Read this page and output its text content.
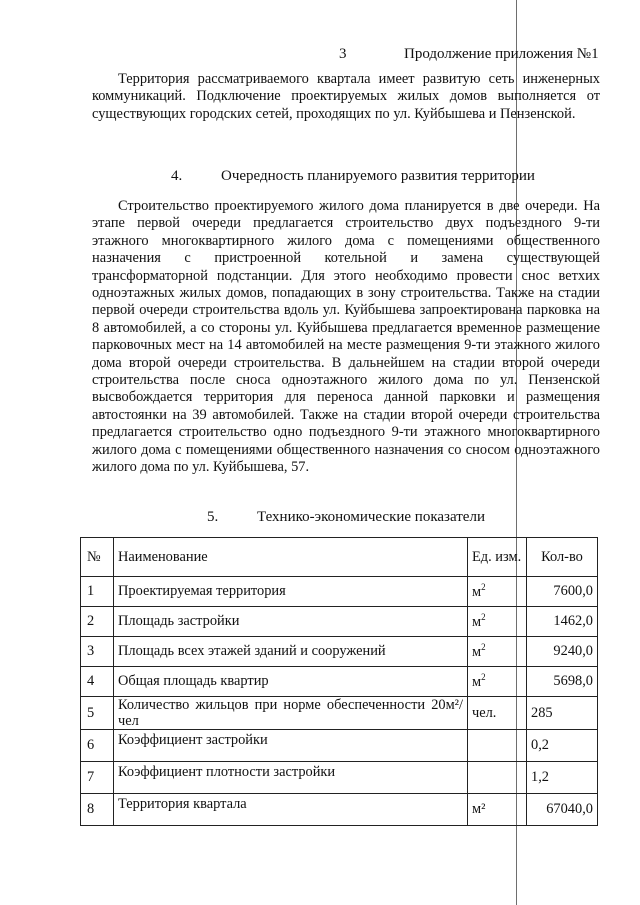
3	Продолжение приложения №1

Территория рассматриваемого квартала имеет развитую сеть инженерных коммуникаций. Подключение проектируемых жилых домов выполняется от существующих городских сетей, проходящих по ул. Куйбышева и Пензенской.

4.	Очередность планируемого развития территории

Строительство проектируемого жилого дома планируется в две очереди. На этапе первой очереди предлагается строительство двух подъездного 9-ти этажного многоквартирного жилого дома с помещениями общественного назначения с пристроенной котельной и замена существующей трансформаторной подстанции. Для этого необходимо провести снос ветхих одноэтажных жилых домов, попадающих в зону строительства. Также на стадии первой очереди строительства вдоль ул. Куйбышева запроектирована парковка на 8 автомобилей, а со стороны ул. Куйбышева предлагается временное размещение парковочных мест на 14 автомобилей на месте размещения 9-ти этажного жилого дома второй очереди строительства. В дальнейшем на стадии второй очереди строительства после сноса одноэтажного жилого дома по ул. Пензенской высвобождается территория для переноса данной парковки и размещения автостоянки на 39 автомобилей. Также на стадии второй очереди строительства предлагается строительство одно подъездного 9-ти этажного многоквартирного жилого дома с помещениями общественного назначения со сносом одноэтажного жилого дома по ул. Куйбышева, 57.

5.	Технико-экономические показатели
№	Наименование	Ед. изм.	Кол-во
1	Проектируемая территория	$м^2$	7600,0
2	Площадь застройки	$м^2$	1462,0
3	Площадь всех этажей зданий и сооружений	$м^2$	9240,0
4	Общая площадь квартир	$м^2$	5698,0
5	Количество жильцов при норме обеспеченности 20м²/чел	чел.	285
6	Коэффициент застройки		0,2
7	Коэффициент плотности застройки		1,2
8	Территория квартала	м²	67040,0
